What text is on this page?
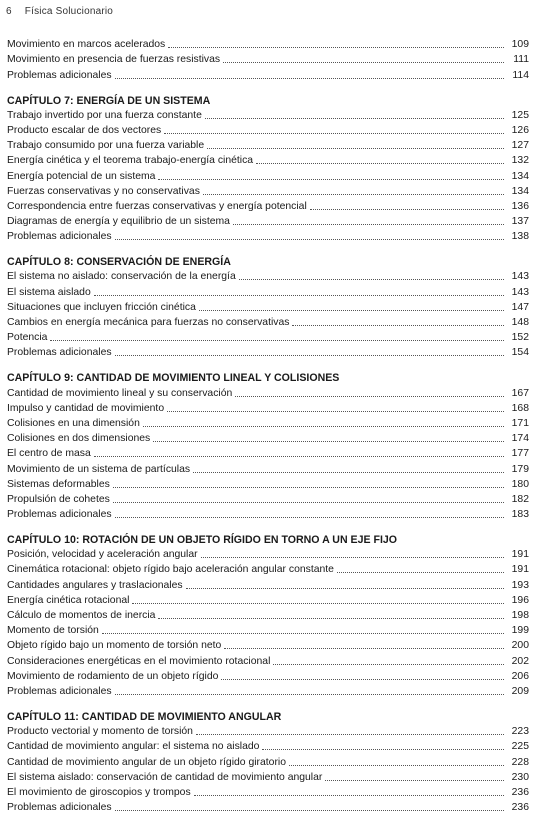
6 Física Solucionario
Movimiento en marcos acelerados	109
Movimiento en presencia de fuerzas resistivas	111
Problemas adicionales	114
CAPÍTULO 7: ENERGÍA DE UN SISTEMA
Trabajo invertido por una fuerza constante	125
Producto escalar de dos vectores	126
Trabajo consumido por una fuerza variable	127
Energía cinética y el teorema trabajo-energía cinética	132
Energía potencial de un sistema	134
Fuerzas conservativas y no conservativas	134
Correspondencia entre fuerzas conservativas y energía potencial	136
Diagramas de energía y equilibrio de un sistema	137
Problemas adicionales	138
CAPÍTULO 8: CONSERVACIÓN DE ENERGÍA
El sistema no aislado: conservación de la energía	143
El sistema aislado	143
Situaciones que incluyen fricción cinética	147
Cambios en energía mecánica para fuerzas no conservativas	148
Potencia	152
Problemas adicionales	154
CAPÍTULO 9: CANTIDAD DE MOVIMIENTO LINEAL Y COLISIONES
Cantidad de movimiento lineal y su conservación	167
Impulso y cantidad de movimiento	168
Colisiones en una dimensión	171
Colisiones en dos dimensiones	174
El centro de masa	177
Movimiento de un sistema de partículas	179
Sistemas deformables	180
Propulsión de cohetes	182
Problemas adicionales	183
CAPÍTULO 10: ROTACIÓN DE UN OBJETO RÍGIDO EN TORNO A UN EJE FIJO
Posición, velocidad y aceleración angular	191
Cinemática rotacional: objeto rígido bajo aceleración angular constante	191
Cantidades angulares y traslacionales	193
Energía cinética rotacional	196
Cálculo de momentos de inercia	198
Momento de torsión	199
Objeto rígido bajo un momento de torsión neto	200
Consideraciones energéticas en el movimiento rotacional	202
Movimiento de rodamiento de un objeto rígido	206
Problemas adicionales	209
CAPÍTULO 11: CANTIDAD DE MOVIMIENTO ANGULAR
Producto vectorial y momento de torsión	223
Cantidad de movimiento angular: el sistema no aislado	225
Cantidad de movimiento angular de un objeto rígido giratorio	228
El sistema aislado: conservación de cantidad de movimiento angular	230
El movimiento de giroscopios y trompos	236
Problemas adicionales	236
